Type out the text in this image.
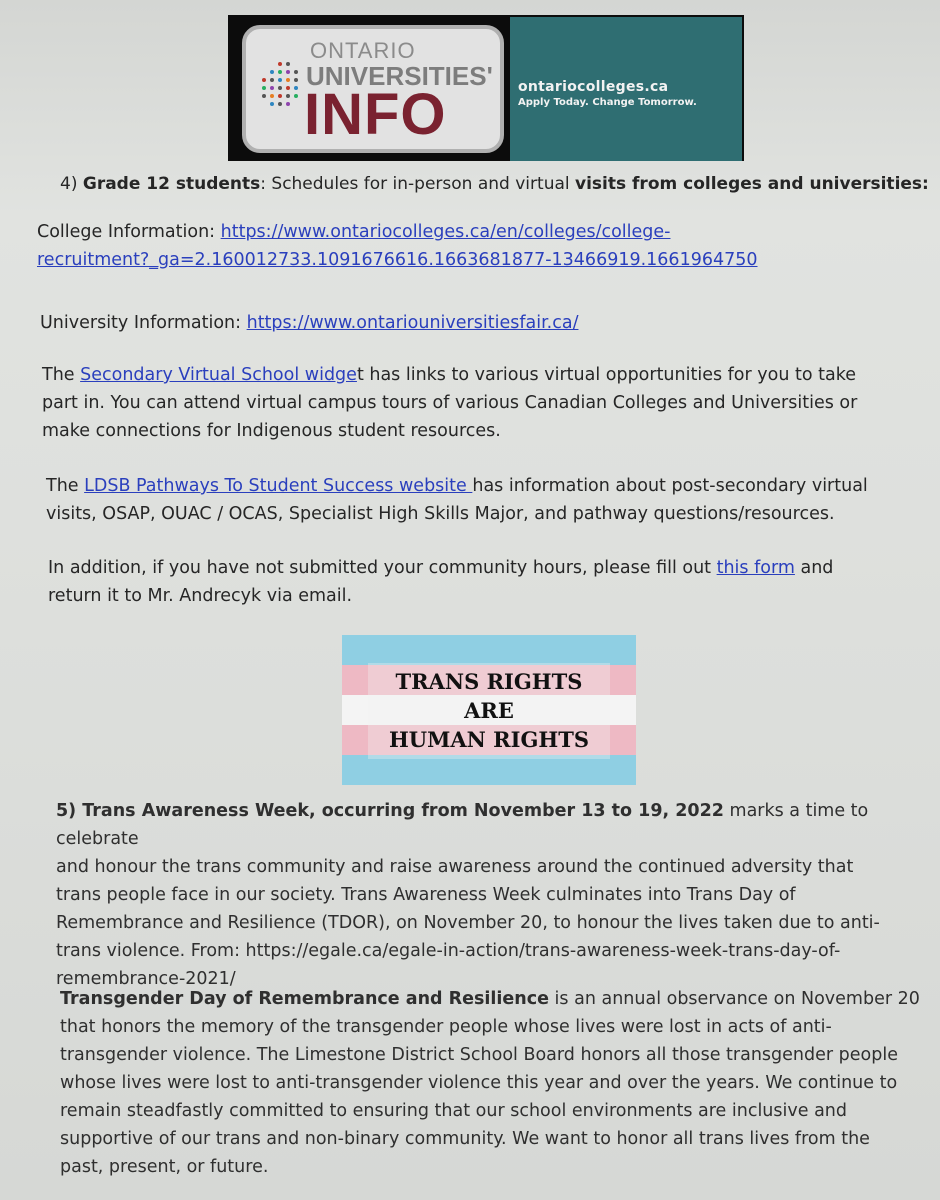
ONTARIO
UNIVERSITIES'
INFO	ontariocolleges.ca
Apply Today. Change Tomorrow.

4) Grade 12 students: Schedules for in-person and virtual visits from colleges and universities:

College Information: https://www.ontariocolleges.ca/en/colleges/college-

recruitment?_ga=2.160012733.1091676616.1663681877-13466919.1661964750

University Information: https://www.ontariouniversitiesfair.ca/

The Secondary Virtual School widget has links to various virtual opportunities for you to take

part in. You can attend virtual campus tours of various Canadian Colleges and Universities or

make connections for Indigenous student resources.

The LDSB Pathways To Student Success website has information about post-secondary virtual

visits, OSAP, OUAC / OCAS, Specialist High Skills Major, and pathway questions/resources.

In addition, if you have not submitted your community hours, please fill out this form and

return it to Mr. Andrecyk via email.

TRANS RIGHTS
ARE
HUMAN RIGHTS

5) Trans Awareness Week, occurring from November 13 to 19, 2022 marks a time to celebrate

and honour the trans community and raise awareness around the continued adversity that

trans people face in our society. Trans Awareness Week culminates into Trans Day of

Remembrance and Resilience (TDOR), on November 20, to honour the lives taken due to anti-

trans violence. From: https://egale.ca/egale-in-action/trans-awareness-week-trans-day-of-

remembrance-2021/

Transgender Day of Remembrance and Resilience is an annual observance on November 20

that honors the memory of the transgender people whose lives were lost in acts of anti-

transgender violence. The Limestone District School Board honors all those transgender people

whose lives were lost to anti-transgender violence this year and over the years. We continue to

remain steadfastly committed to ensuring that our school environments are inclusive and

supportive of our trans and non-binary community. We want to honor all trans lives from the

past, present, or future.
